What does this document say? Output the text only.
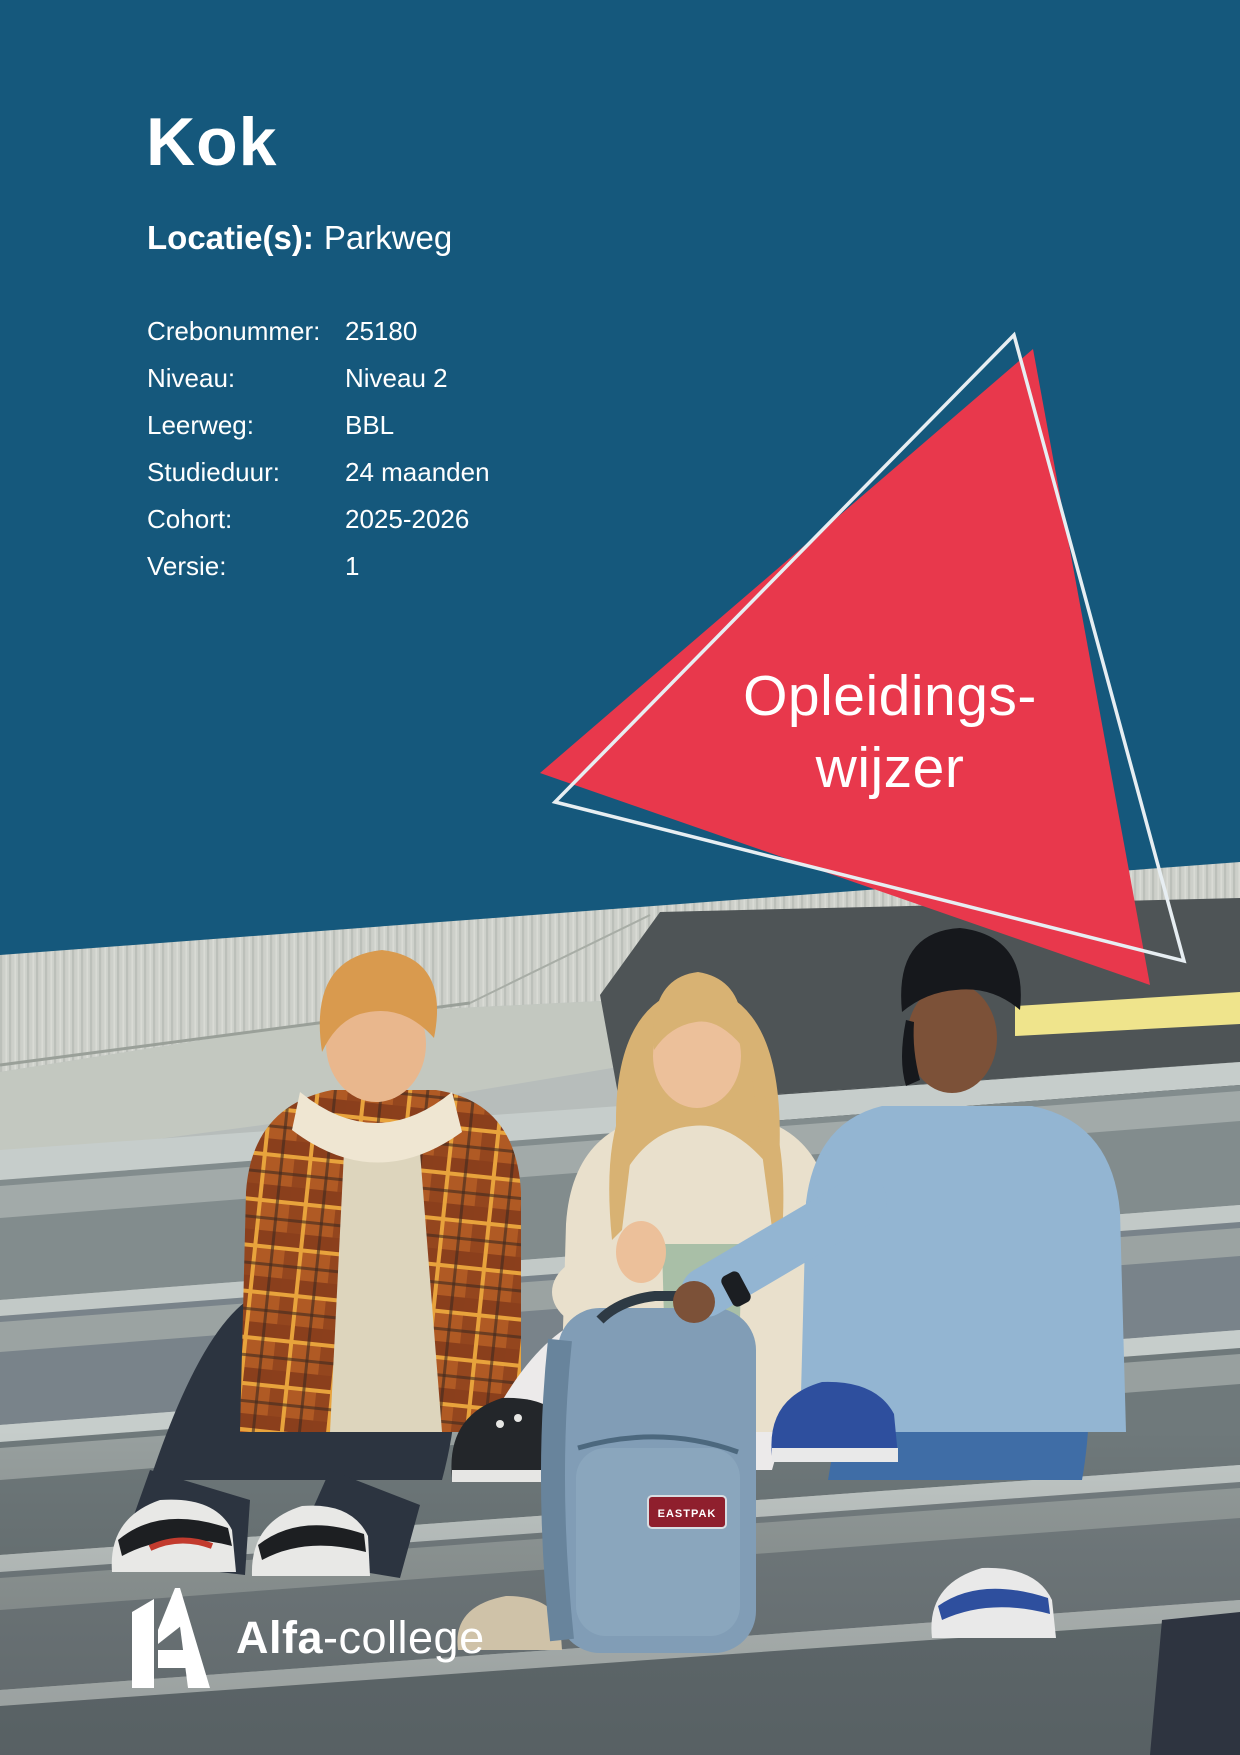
EASTPAK
Kok
Locatie(s): Parkweg
Crebonummer: 25180
Niveau:	Niveau 2
Leerweg:	BBL
Studieduur:	24 maanden
Cohort:	2025-2026
Versie:	1
Opleidings-
wijzer
Alfa-college
